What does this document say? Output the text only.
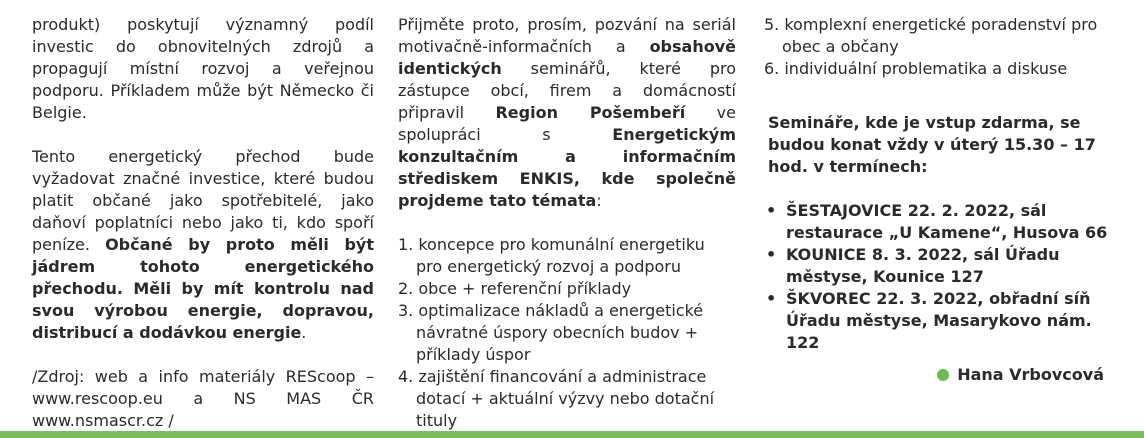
produkt) poskytují významný podíl investic do obnovitelných zdrojů a propagují místní rozvoj a veřejnou podporu. Příkladem může být Německo či Belgie.

Tento energetický přechod bude vyžadovat značné investice, které budou platit občané jako spotřebitelé, jako daňoví poplatníci nebo jako ti, kdo spoří peníze. Občané by proto měli být jádrem tohoto energetického přechodu. Měli by mít kontrolu nad svou výrobou energie, dopravou, distribucí a dodávkou energie.

/Zdroj: web a info materiály REScoop – www.rescoop.eu a NS MAS ČR www.nsmascr.cz /

Přijměte proto, prosím, pozvání na seriál motivačně-informačních a obsahově identických seminářů, které pro zástupce obcí, firem a domácností připravil Region Pošembeří ve spolupráci s Energetickým konzultačním a informačním střediskem ENKIS, kde společně projdeme tato témata:

1. koncepce pro komunální energetiku pro energetický rozvoj a podporu
2. obce + referenční příklady
3. optimalizace nákladů a energetické návratné úspory obecních budov + příklady úspor
4. zajištění financování a administrace dotací + aktuální výzvy nebo dotační tituly
5. komplexní energetické poradenství pro obec a občany
6. individuální problematika a diskuse

Semináře, kde je vstup zdarma, se budou konat vždy v úterý 15.30 – 17 hod. v termínech:

• ŠESTAJOVICE 22. 2. 2022, sál restaurace „U Kamene“, Husova 66
• KOUNICE 8. 3. 2022, sál Úřadu městyse, Kounice 127
• ŠKVOREC 22. 3. 2022, obřadní síň Úřadu městyse, Masarykovo nám. 122

Hana Vrbovcová
